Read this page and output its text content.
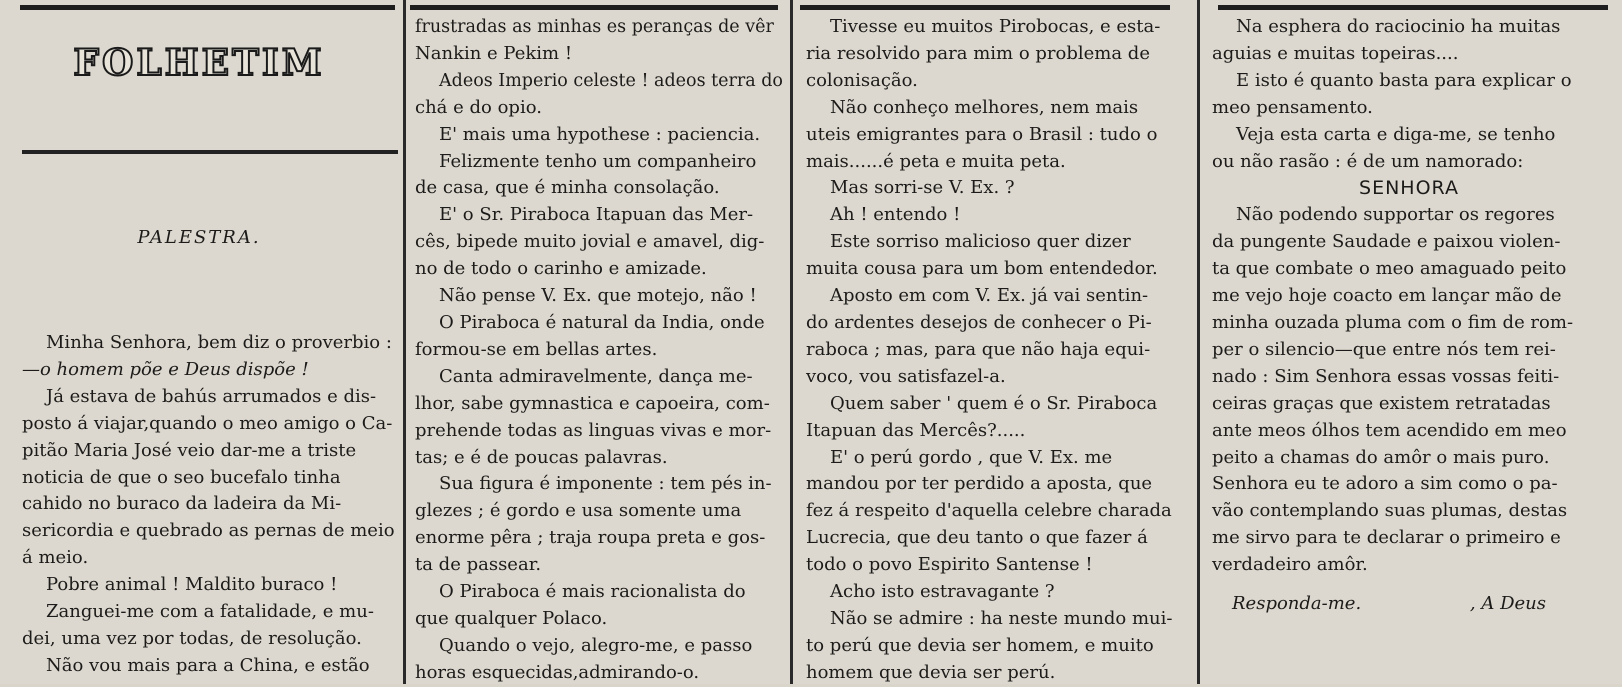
FOLHETIM
PALESTRA.

Minha Senhora, bem diz o proverbio :

—o homem põe e Deus dispõe !

Já estava de bahús arrumados e dis-

posto á viajar,quando o meo amigo o Ca-

pitão Maria José veio dar-me a triste

noticia de que o seo bucefalo tinha

cahido no buraco da ladeira da Mi-

sericordia e quebrado as pernas de meio

á meio.

Pobre animal ! Maldito buraco !

Zanguei-me com a fatalidade, e mu-

dei, uma vez por todas, de resolução.

Não vou mais para a China, e estão

frustradas as minhas es peranças de vêr

Nankin e Pekim !

Adeos Imperio celeste ! adeos terra do

chá e do opio.

E' mais uma hypothese : paciencia.

Felizmente tenho um companheiro

de casa, que é minha consolação.

E' o Sr. Piraboca Itapuan das Mer-

cês, bipede muito jovial e amavel, dig-

no de todo o carinho e amizade.

Não pense V. Ex. que motejo, não !

O Piraboca é natural da India, onde

formou-se em bellas artes.

Canta admiravelmente, dança me-

lhor, sabe gymnastica e capoeira, com-

prehende todas as linguas vivas e mor-

tas; e é de poucas palavras.

Sua figura é imponente : tem pés in-

glezes ; é gordo e usa somente uma

enorme pêra ; traja roupa preta e gos-

ta de passear.

O Piraboca é mais racionalista do

que qualquer Polaco.

Quando o vejo, alegro-me, e passo

horas esquecidas,admirando-o.

Tivesse eu muitos Pirobocas, e esta-

ria resolvido para mim o problema de

colonisação.

Não conheço melhores, nem mais

uteis emigrantes para o Brasil : tudo o

mais......é peta e muita peta.

Mas sorri-se V. Ex. ?

Ah ! entendo !

Este sorriso malicioso quer dizer

muita cousa para um bom entendedor.

Aposto em com V. Ex. já vai sentin-

do ardentes desejos de conhecer o Pi-

raboca ; mas, para que não haja equi-

voco, vou satisfazel-a.

Quem saber ' quem é o Sr. Piraboca

Itapuan das Mercês?.....

E' o perú gordo , que V. Ex. me

mandou por ter perdido a aposta, que

fez á respeito d'aquella celebre charada

Lucrecia, que deu tanto o que fazer á

todo o povo Espirito Santense !

Acho isto estravagante ?

Não se admire : ha neste mundo mui-

to perú que devia ser homem, e muito

homem que devia ser perú.

Na esphera do raciocinio ha muitas

aguias e muitas topeiras....

E isto é quanto basta para explicar o

meo pensamento.

Veja esta carta e diga-me, se tenho

ou não rasão : é de um namorado:

SENHORA

Não podendo supportar os regores

da pungente Saudade e paixou violen-

ta que combate o meo amaguado peito

me vejo hoje coacto em lançar mão de

minha ouzada pluma com o fim de rom-

per o silencio—que entre nós tem rei-

nado : Sim Senhora essas vossas feiti-

ceiras graças que existem retratadas

ante meos ólhos tem acendido em meo

peito a chamas do amôr o mais puro.

Senhora eu te adoro a sim como o pa-

vão contemplando suas plumas, destas

me sirvo para te declarar o primeiro e

verdadeiro amôr.

Responda-me.	, A Deus
